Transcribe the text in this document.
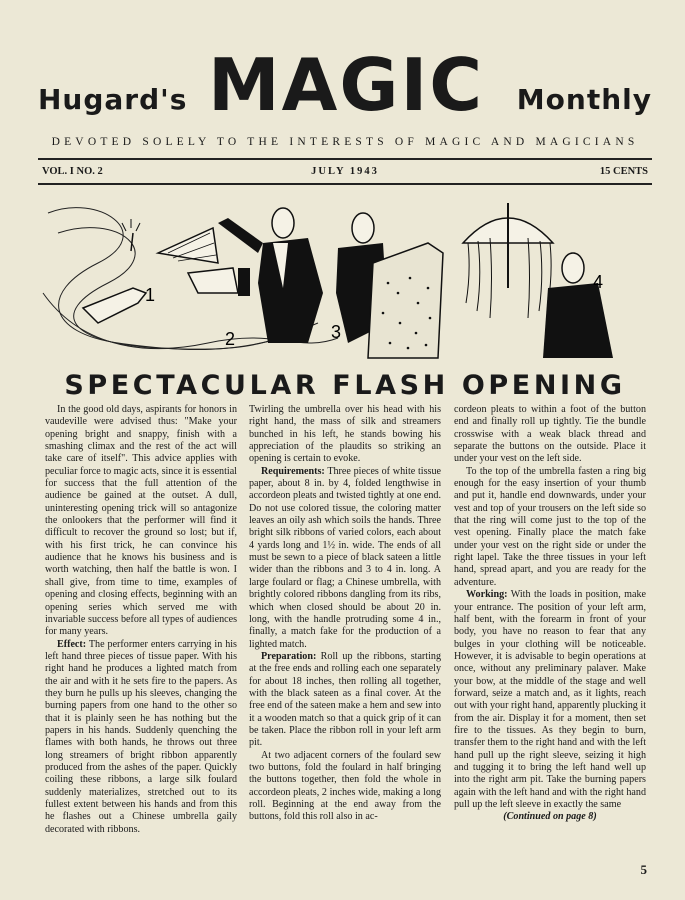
Hugard's MAGIC Monthly
DEVOTED SOLELY TO THE INTERESTS OF MAGIC AND MAGICIANS
JULY 1943
VOL. I NO. 2	15 CENTS
1
2	3
4
SPECTACULAR FLASH OPENING

In the good old days, aspirants for honors in vaudeville were advised thus: "Make your opening bright and snappy, finish with a smashing climax and the rest of the act will take care of itself". This advice applies with peculiar force to magic acts, since it is essential for success that the full attention of the audience be gained at the outset. A dull, uninteresting opening trick will so antagonize the onlookers that the performer will find it difficult to recover the ground so lost; but if, with his first trick, he can convince his audience that he knows his business and is worth watching, then half the battle is won. I shall give, from time to time, examples of opening and closing effects, beginning with an opening series which served me with invariable success before all types of audiences for many years.

Effect: The performer enters carrying in his left hand three pieces of tissue paper. With his right hand he produces a lighted match from the air and with it he sets fire to the papers. As they burn he pulls up his sleeves, changing the burning papers from one hand to the other so that it is plainly seen he has nothing but the papers in his hands. Suddenly quenching the flames with both hands, he throws out three long streamers of bright ribbon apparently produced from the ashes of the paper. Quickly coiling these ribbons, a large silk foulard suddenly materializes, stretched out to its fullest extent between his hands and from this he flashes out a Chinese umbrella gaily decorated with ribbons.

Twirling the umbrella over his head with his right hand, the mass of silk and streamers bunched in his left, he stands bowing his appreciation of the plaudits so striking an opening is certain to evoke.

Requirements: Three pieces of white tissue paper, about 8 in. by 4, folded lengthwise in accordeon pleats and twisted tightly at one end. Do not use colored tissue, the coloring matter leaves an oily ash which soils the hands. Three bright silk ribbons of varied colors, each about 4 yards long and 1½ in. wide. The ends of all must be sewn to a piece of black sateen a little wider than the ribbons and 3 to 4 in. long. A large foulard or flag; a Chinese umbrella, with brightly colored ribbons dangling from its ribs, which when closed should be about 20 in. long, with the handle protruding some 4 in., finally, a match fake for the production of a lighted match.

Preparation: Roll up the ribbons, starting at the free ends and rolling each one separately for about 18 inches, then rolling all together, with the black sateen as a final cover. At the free end of the sateen make a hem and sew into it a wooden match so that a quick grip of it can be taken. Place the ribbon roll in your left arm pit.

At two adjacent corners of the foulard sew two buttons, fold the foulard in half bringing the buttons together, then fold the whole in accordeon pleats, 2 inches wide, making a long roll. Beginning at the end away from the buttons, fold this roll also in ac-

cordeon pleats to within a foot of the button end and finally roll up tightly. Tie the bundle crosswise with a weak black thread and separate the buttons on the outside. Place it under your vest on the left side.

To the top of the umbrella fasten a ring big enough for the easy insertion of your thumb and put it, handle end downwards, under your vest and top of your trousers on the left side so that the ring will come just to the top of the vest opening. Finally place the match fake under your vest on the right side or under the right lapel. Take the three tissues in your left hand, spread apart, and you are ready for the adventure.

Working: With the loads in position, make your entrance. The position of your left arm, half bent, with the forearm in front of your body, you have no reason to fear that any bulges in your clothing will be noticeable. However, it is advisable to begin operations at once, without any preliminary palaver. Make your bow, at the middle of the stage and well forward, seize a match and, as it lights, reach out with your right hand, apparently plucking it from the air. Display it for a moment, then set fire to the tissues. As they begin to burn, transfer them to the right hand and with the left hand pull up the right sleeve, seizing it high and tugging it to bring the left hand well up into the right arm pit. Take the burning papers again with the left hand and with the right hand pull up the left sleeve in exactly the same

(Continued on page 8)

5
